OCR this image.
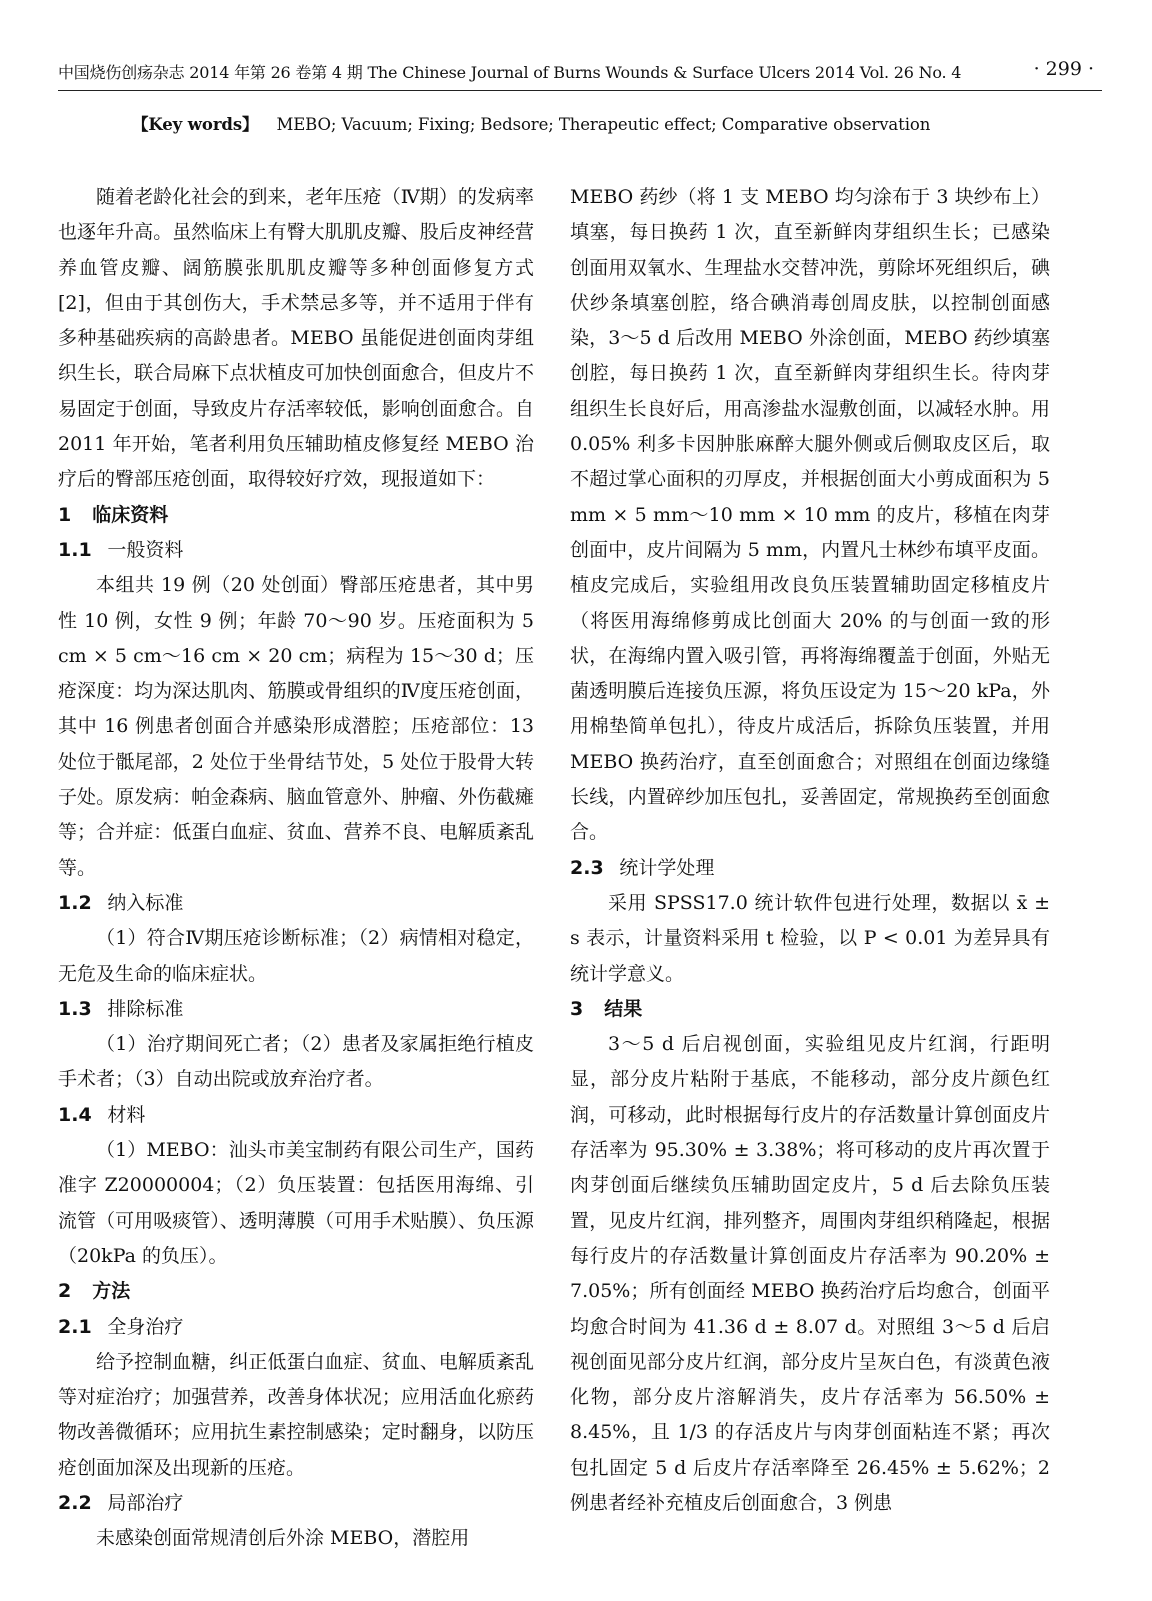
中国烧伤创疡杂志 2014 年第 26 卷第 4 期 The Chinese Journal of Burns Wounds & Surface Ulcers 2014 Vol. 26 No. 4	· 299 ·
【Key words】 MEBO; Vacuum; Fixing; Bedsore; Therapeutic effect; Comparative observation

随着老龄化社会的到来，老年压疮（Ⅳ期）的发病率也逐年升高。虽然临床上有臀大肌肌皮瓣、股后皮神经营养血管皮瓣、阔筋膜张肌肌皮瓣等多种创面修复方式[2]，但由于其创伤大，手术禁忌多等，并不适用于伴有多种基础疾病的高龄患者。MEBO 虽能促进创面肉芽组织生长，联合局麻下点状植皮可加快创面愈合，但皮片不易固定于创面，导致皮片存活率较低，影响创面愈合。自 2011 年开始，笔者利用负压辅助植皮修复经 MEBO 治疗后的臀部压疮创面，取得较好疗效，现报道如下：

1 临床资料
1.1 一般资料

本组共 19 例（20 处创面）臀部压疮患者，其中男性 10 例，女性 9 例；年龄 70～90 岁。压疮面积为 5 cm × 5 cm～16 cm × 20 cm；病程为 15～30 d；压疮深度：均为深达肌肉、筋膜或骨组织的Ⅳ度压疮创面，其中 16 例患者创面合并感染形成潜腔；压疮部位：13 处位于骶尾部，2 处位于坐骨结节处，5 处位于股骨大转子处。原发病：帕金森病、脑血管意外、肿瘤、外伤截瘫等；合并症：低蛋白血症、贫血、营养不良、电解质紊乱等。

1.2 纳入标准

（1）符合Ⅳ期压疮诊断标准；（2）病情相对稳定，无危及生命的临床症状。

1.3 排除标准

（1）治疗期间死亡者；（2）患者及家属拒绝行植皮手术者；（3）自动出院或放弃治疗者。

1.4 材料

（1）MEBO：汕头市美宝制药有限公司生产，国药准字 Z20000004；（2）负压装置：包括医用海绵、引流管（可用吸痰管）、透明薄膜（可用手术贴膜）、负压源（20kPa 的负压）。

2 方法
2.1 全身治疗

给予控制血糖，纠正低蛋白血症、贫血、电解质紊乱等对症治疗；加强营养，改善身体状况；应用活血化瘀药物改善微循环；应用抗生素控制感染；定时翻身，以防压疮创面加深及出现新的压疮。

2.2 局部治疗

未感染创面常规清创后外涂 MEBO，潜腔用

MEBO 药纱（将 1 支 MEBO 均匀涂布于 3 块纱布上）填塞，每日换药 1 次，直至新鲜肉芽组织生长；已感染创面用双氧水、生理盐水交替冲洗，剪除坏死组织后，碘伏纱条填塞创腔，络合碘消毒创周皮肤，以控制创面感染，3～5 d 后改用 MEBO 外涂创面，MEBO 药纱填塞创腔，每日换药 1 次，直至新鲜肉芽组织生长。待肉芽组织生长良好后，用高渗盐水湿敷创面，以减轻水肿。用 0.05% 利多卡因肿胀麻醉大腿外侧或后侧取皮区后，取不超过掌心面积的刃厚皮，并根据创面大小剪成面积为 5 mm × 5 mm～10 mm × 10 mm 的皮片，移植在肉芽创面中，皮片间隔为 5 mm，内置凡士林纱布填平皮面。植皮完成后，实验组用改良负压装置辅助固定移植皮片（将医用海绵修剪成比创面大 20% 的与创面一致的形状，在海绵内置入吸引管，再将海绵覆盖于创面，外贴无菌透明膜后连接负压源，将负压设定为 15～20 kPa，外用棉垫简单包扎），待皮片成活后，拆除负压装置，并用 MEBO 换药治疗，直至创面愈合；对照组在创面边缘缝长线，内置碎纱加压包扎，妥善固定，常规换药至创面愈合。

2.3 统计学处理

采用 SPSS17.0 统计软件包进行处理，数据以 x̄ ± s 表示，计量资料采用 t 检验，以 P < 0.01 为差异具有统计学意义。

3 结果

3～5 d 后启视创面，实验组见皮片红润，行距明显，部分皮片粘附于基底，不能移动，部分皮片颜色红润，可移动，此时根据每行皮片的存活数量计算创面皮片存活率为 95.30% ± 3.38%；将可移动的皮片再次置于肉芽创面后继续负压辅助固定皮片，5 d 后去除负压装置，见皮片红润，排列整齐，周围肉芽组织稍隆起，根据每行皮片的存活数量计算创面皮片存活率为 90.20% ± 7.05%；所有创面经 MEBO 换药治疗后均愈合，创面平均愈合时间为 41.36 d ± 8.07 d。对照组 3～5 d 后启视创面见部分皮片红润，部分皮片呈灰白色，有淡黄色液化物，部分皮片溶解消失，皮片存活率为 56.50% ± 8.45%，且 1/3 的存活皮片与肉芽创面粘连不紧；再次包扎固定 5 d 后皮片存活率降至 26.45% ± 5.62%；2 例患者经补充植皮后创面愈合，3 例患
